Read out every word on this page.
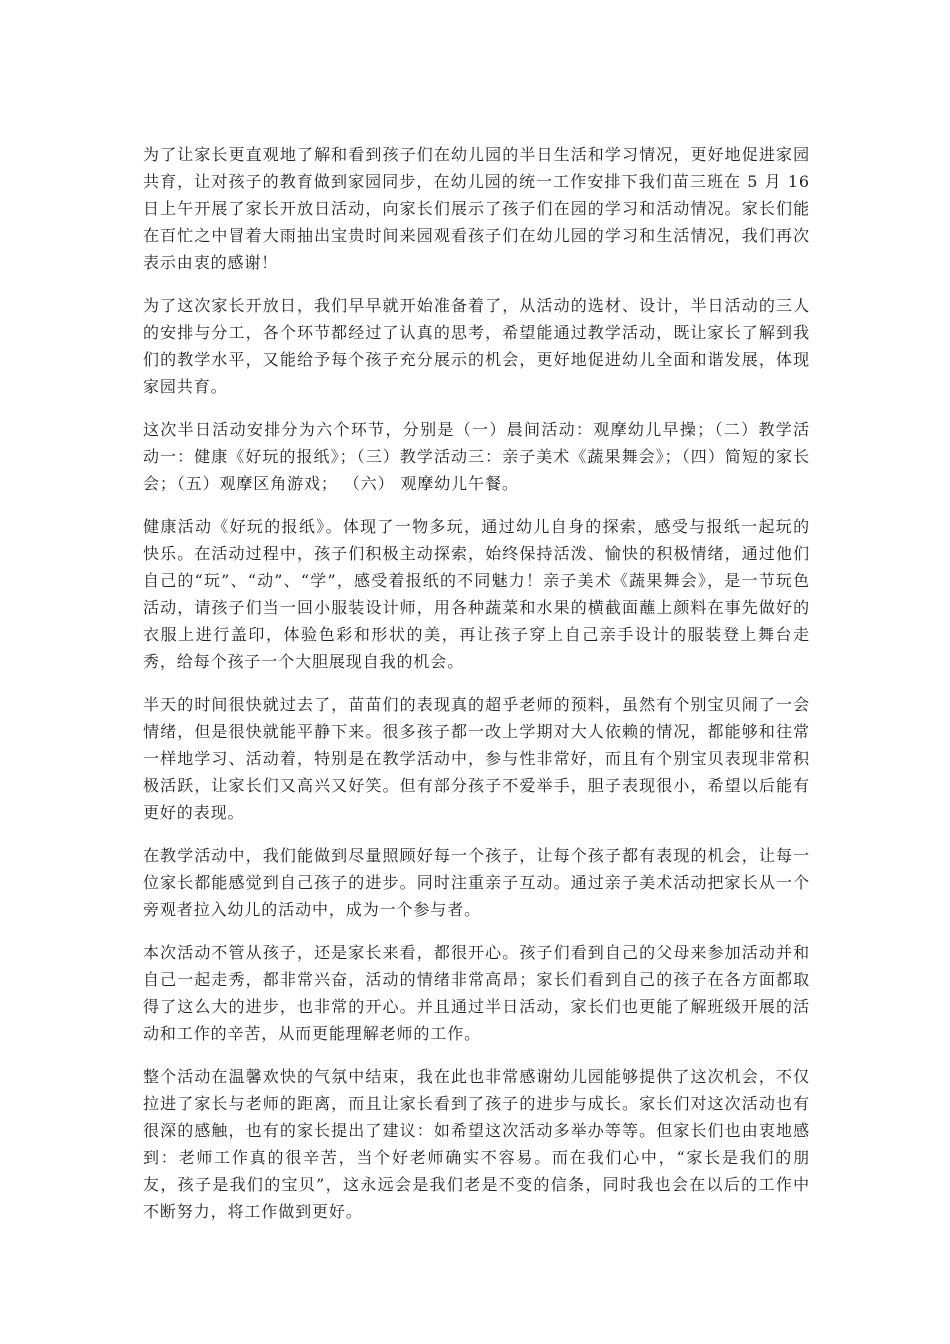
为了让家长更直观地了解和看到孩子们在幼儿园的半日生活和学习情况，更好地促进家园共育，让对孩子的教育做到家园同步，在幼儿园的统一工作安排下我们苗三班在 5 月 16 日上午开展了家长开放日活动，向家长们展示了孩子们在园的学习和活动情况。家长们能在百忙之中冒着大雨抽出宝贵时间来园观看孩子们在幼儿园的学习和生活情况，我们再次表示由衷的感谢！

为了这次家长开放日，我们早早就开始准备着了，从活动的选材、设计，半日活动的三人的安排与分工，各个环节都经过了认真的思考，希望能通过教学活动，既让家长了解到我们的教学水平，又能给予每个孩子充分展示的机会，更好地促进幼儿全面和谐发展，体现家园共育。

这次半日活动安排分为六个环节，分别是（一）晨间活动：观摩幼儿早操；（二）教学活动一：健康《好玩的报纸》；（三）教学活动三：亲子美术《蔬果舞会》；（四）简短的家长会；（五）观摩区角游戏； （六） 观摩幼儿午餐。

健康活动《好玩的报纸》。体现了一物多玩，通过幼儿自身的探索，感受与报纸一起玩的快乐。在活动过程中，孩子们积极主动探索，始终保持活泼、愉快的积极情绪，通过他们自己的“玩”、“动”、“学”，感受着报纸的不同魅力！亲子美术《蔬果舞会》，是一节玩色活动，请孩子们当一回小服装设计师，用各种蔬菜和水果的横截面蘸上颜料在事先做好的衣服上进行盖印，体验色彩和形状的美，再让孩子穿上自己亲手设计的服装登上舞台走秀，给每个孩子一个大胆展现自我的机会。

半天的时间很快就过去了，苗苗们的表现真的超乎老师的预料，虽然有个别宝贝闹了一会情绪，但是很快就能平静下来。很多孩子都一改上学期对大人依赖的情况，都能够和往常一样地学习、活动着，特别是在教学活动中，参与性非常好，而且有个别宝贝表现非常积极活跃，让家长们又高兴又好笑。但有部分孩子不爱举手，胆子表现很小，希望以后能有更好的表现。

在教学活动中，我们能做到尽量照顾好每一个孩子，让每个孩子都有表现的机会，让每一位家长都能感觉到自己孩子的进步。同时注重亲子互动。通过亲子美术活动把家长从一个旁观者拉入幼儿的活动中，成为一个参与者。

本次活动不管从孩子，还是家长来看，都很开心。孩子们看到自己的父母来参加活动并和自己一起走秀，都非常兴奋，活动的情绪非常高昂；家长们看到自己的孩子在各方面都取得了这么大的进步，也非常的开心。并且通过半日活动，家长们也更能了解班级开展的活动和工作的辛苦，从而更能理解老师的工作。

整个活动在温馨欢快的气氛中结束，我在此也非常感谢幼儿园能够提供了这次机会，不仅拉进了家长与老师的距离，而且让家长看到了孩子的进步与成长。家长们对这次活动也有很深的感触，也有的家长提出了建议：如希望这次活动多举办等等。但家长们也由衷地感到：老师工作真的很辛苦，当个好老师确实不容易。而在我们心中，“家长是我们的朋友，孩子是我们的宝贝”，这永远会是我们老是不变的信条，同时我也会在以后的工作中不断努力，将工作做到更好。
